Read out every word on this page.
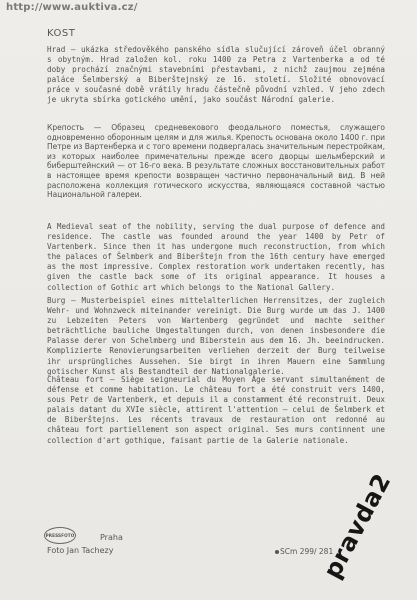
http://www.auktiva.cz/
KOST

Hrad — ukázka středověkého panského sídla slučující zároveň účel obranný s obytným. Hrad založen kol. roku 1400 za Petra z Vartenberka a od té doby prochází značnými stavebními přestavbami, z nichž zaujmou zejména paláce Šelmberský a Biberštejnský ze 16. století. Složité obnovovací práce v současné době vrátily hradu částečně původní vzhled. V jeho zdech je ukryta sbírka gotického umění, jako součást Národní galerie.

Крепость — Образец средневекового феодального поместья, служащего одновременно оборонным целям и для жилья. Крепость основана около 1400 г. при Петре из Вартенберка и с того времени подвергалась значительным перестройкам, из которых наиболее примечательны прежде всего дворцы шельмберский и биберштейнский — от 16-го века. В результате сложных восстановительных работ в настоящее время крепости возвращен частично первоначальный вид. В ней расположена коллекция готического искусства, являющаяся составной частью Национальной галереи.

A Medieval seat of the nobility, serving the dual purpose of defence and residence. The castle was founded around the year 1400 by Petr of Vartenberk. Since then it has undergone much reconstruction, from which the palaces of Šelmberk and Biberštejn from the 16th century have emerged as the most impressive. Complex restoration work undertaken recently, has given the castle back some of its original appearance. It houses a collection of Gothic art which belongs to the National Gallery.

Burg — Musterbeispiel eines mittelalterlichen Herrensitzes, der zugleich Wehr- und Wohnzweck miteinander vereinigt. Die Burg wurde um das J. 1400 zu Lebzeiten Peters von Wartenberg gegründet und machte seither beträchtliche bauliche Umgestaltungen durch, von denen insbesondere die Palasse derer von Schelmberg und Biberstein aus dem 16. Jh. beeindrucken. Komplizierte Renovierungsarbeiten verliehen derzeit der Burg teilweise ihr ursprüngliches Aussehen. Sie birgt in ihren Mauern eine Sammlung gotischer Kunst als Bestandteil der Nationalgalerie.

Château fort — Siège seigneurial du Moyen Âge servant simultanément de défense et comme habitation. Le château fort a été construit vers 1400, sous Petr de Vartenberk, et depuis il a constamment été reconstruit. Deux palais datant du XVIe siècle, attirent l'attention — celui de Šelmberk et de Biberštejns. Les récents travaux de restauration ont redonné au château fort partiellement son aspect original. Ses murs continnent une collection d'art gothique, faisant partie de la Galerie nationale.

PRESSFOTO	Praha
Foto Jan Tachezy	SCm 299/ 281
pravda2
